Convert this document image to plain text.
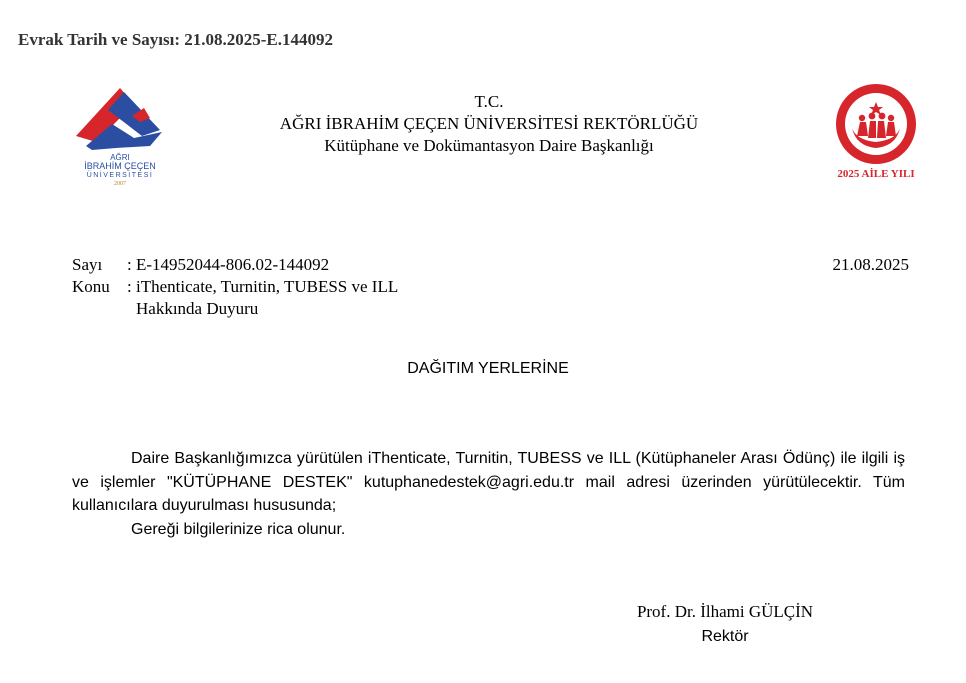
Evrak Tarih ve Sayısı: 21.08.2025-E.144092
AĞRI
İBRAHİM ÇEÇEN
ÜNİVERSİTESİ
2007
T.C.
AĞRI İBRAHİM ÇEÇEN ÜNİVERSİTESİ REKTÖRLÜĞÜ
Kütüphane ve Dokümantasyon Daire Başkanlığı
2025 AİLE YILI
Sayı	: E-14952044-806.02-144092
Konu	: iThenticate, Turnitin, TUBESS ve ILL
Hakkında Duyuru
21.08.2025
DAĞITIM YERLERİNE

Daire Başkanlığımızca yürütülen iThenticate, Turnitin, TUBESS ve ILL (Kütüphaneler Arası Ödünç) ile ilgili iş ve işlemler "KÜTÜPHANE DESTEK" kutuphanedestek@agri.edu.tr mail adresi üzerinden yürütülecektir. Tüm kullanıcılara duyurulması hususunda;

Gereği bilgilerinize rica olunur.

Prof. Dr. İlhami GÜLÇİN
Rektör
